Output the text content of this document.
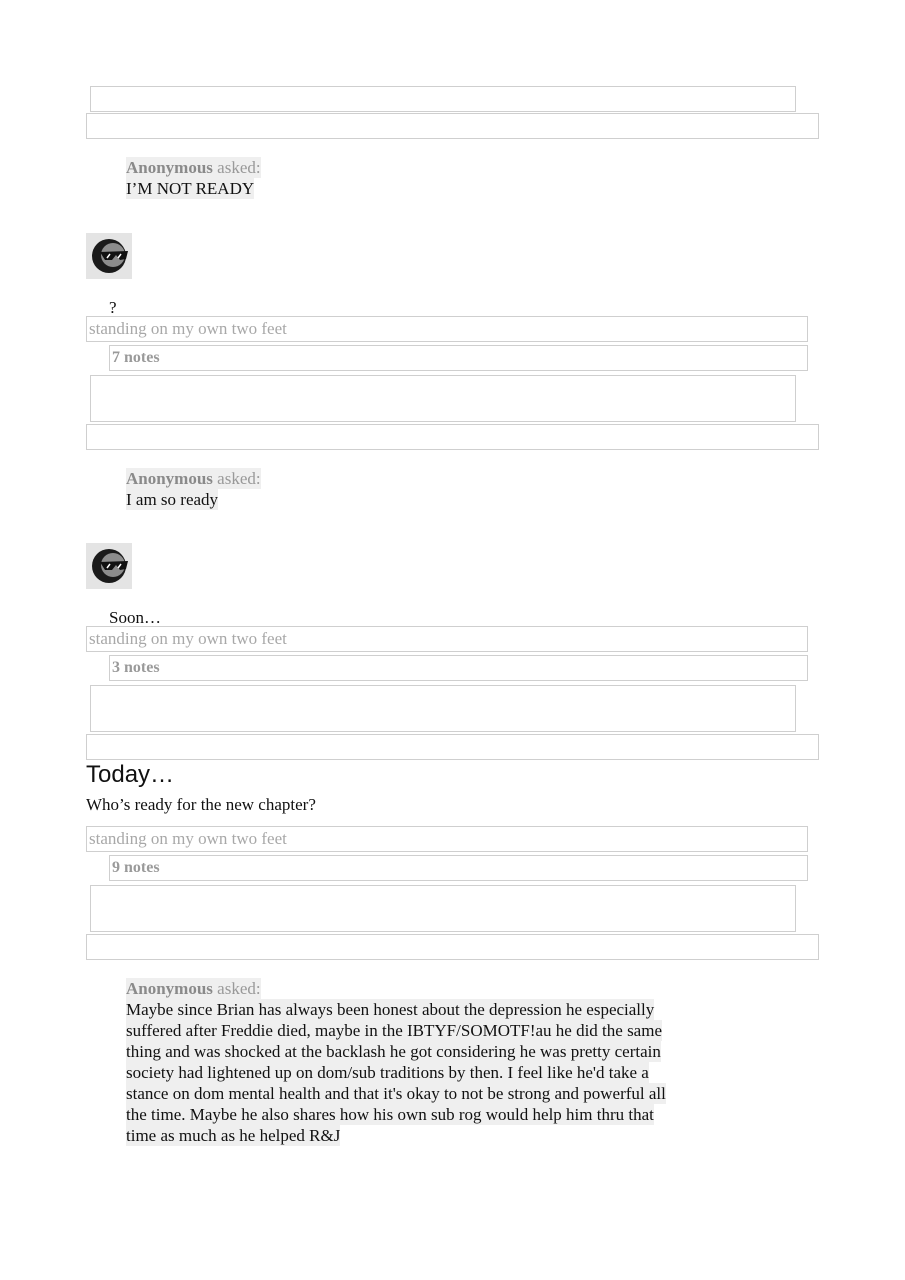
Anonymous asked:
I’M NOT READY
?
standing on my own two feet
7 notes
Anonymous asked:
I am so ready
Soon…
standing on my own two feet
3 notes
Today…
Who’s ready for the new chapter?
standing on my own two feet
9 notes
Anonymous asked:
Maybe since Brian has always been honest about the depression he especially
suffered after Freddie died, maybe in the IBTYF/SOMOTF!au he did the same
thing and was shocked at the backlash he got considering he was pretty certain
society had lightened up on dom/sub traditions by then. I feel like he'd take a
stance on dom mental health and that it's okay to not be strong and powerful all
the time. Maybe he also shares how his own sub rog would help him thru that
time as much as he helped R&J
